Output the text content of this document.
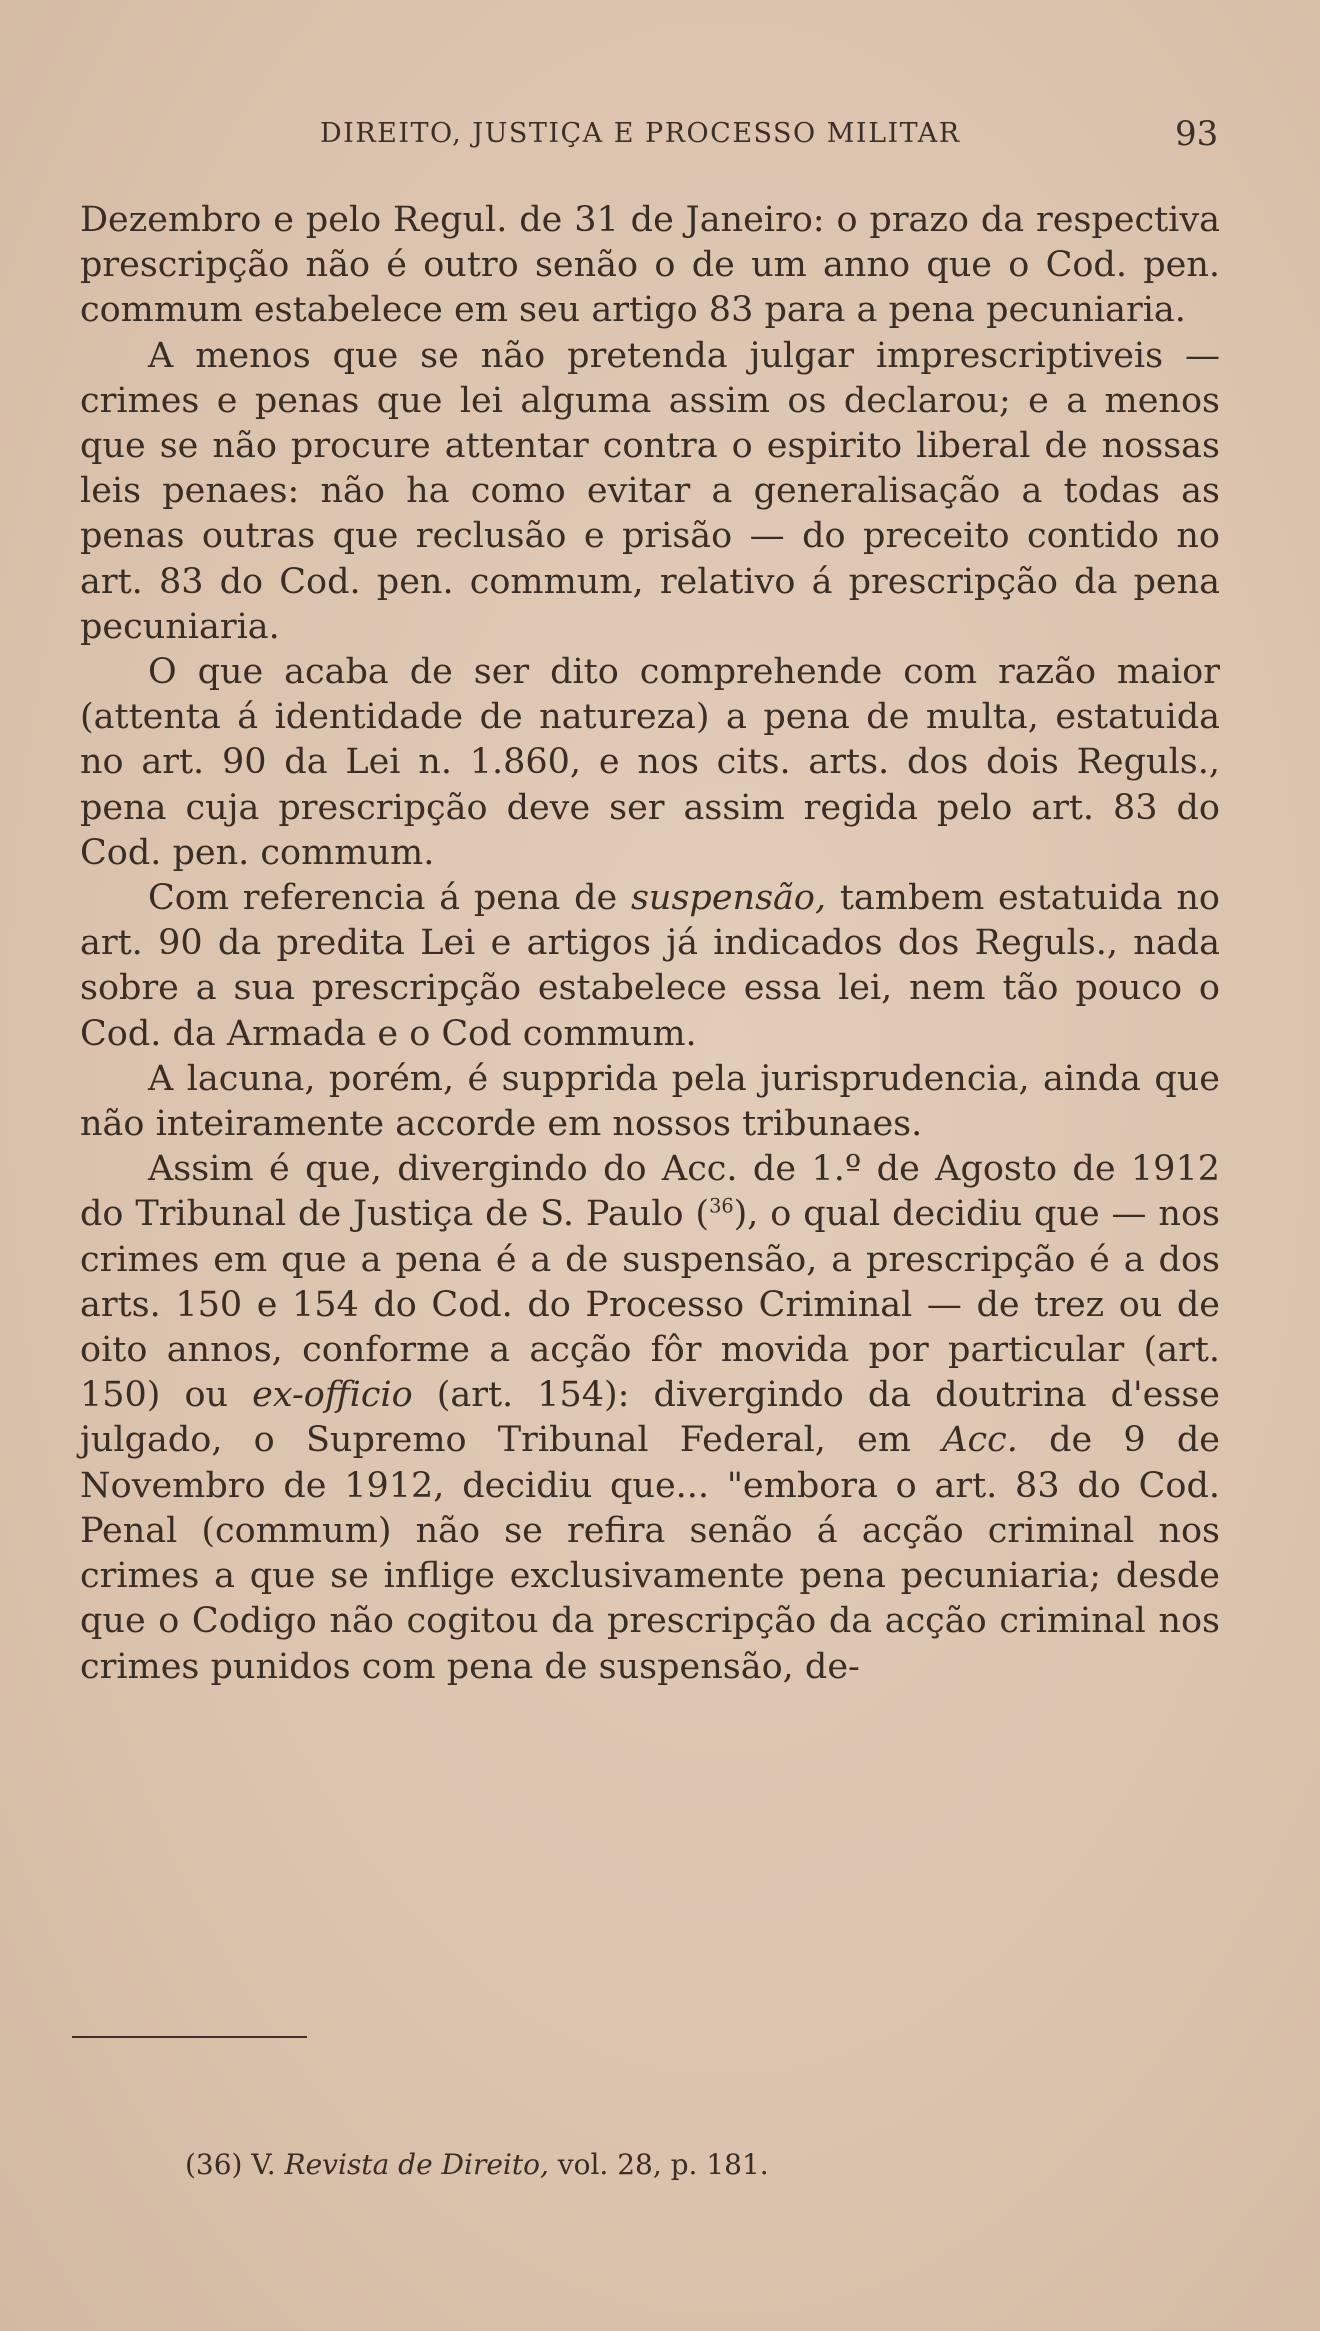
DIREITO, JUSTIÇA E PROCESSO MILITAR	93

Dezembro e pelo Regul. de 31 de Janeiro: o prazo da respectiva prescripção não é outro senão o de um anno que o Cod. pen. commum estabelece em seu artigo 83 para a pena pecuniaria.

A menos que se não pretenda julgar imprescriptiveis — crimes e penas que lei alguma assim os declarou; e a menos que se não procure attentar contra o espirito liberal de nossas leis penaes: não ha como evitar a generalisação a todas as penas outras que reclusão e prisão — do preceito contido no art. 83 do Cod. pen. commum, relativo á prescripção da pena pecuniaria.

O que acaba de ser dito comprehende com razão maior (attenta á identidade de natureza) a pena de multa, estatuida no art. 90 da Lei n. 1.860, e nos cits. arts. dos dois Reguls., pena cuja prescripção deve ser assim regida pelo art. 83 do Cod. pen. commum.

Com referencia á pena de suspensão, tambem estatuida no art. 90 da predita Lei e artigos já indicados dos Reguls., nada sobre a sua prescripção estabelece essa lei, nem tão pouco o Cod. da Armada e o Cod commum.

A lacuna, porém, é supprida pela jurisprudencia, ainda que não inteiramente accorde em nossos tribunaes.

Assim é que, divergindo do Acc. de 1.º de Agosto de 1912 do Tribunal de Justiça de S. Paulo ($^{36}$), o qual decidiu que — nos crimes em que a pena é a de suspensão, a prescripção é a dos arts. 150 e 154 do Cod. do Processo Criminal — de trez ou de oito annos, conforme a acção fôr movida por particular (art. 150) ou ex-officio (art. 154): divergindo da doutrina d'esse julgado, o Supremo Tribunal Federal, em Acc. de 9 de Novembro de 1912, decidiu que... "embora o art. 83 do Cod. Penal (commum) não se refira senão á acção criminal nos crimes a que se inflige exclusivamente pena pecuniaria; desde que o Codigo não cogitou da prescripção da acção criminal nos crimes punidos com pena de suspensão, de-

(36) V. Revista de Direito, vol. 28, p. 181.
